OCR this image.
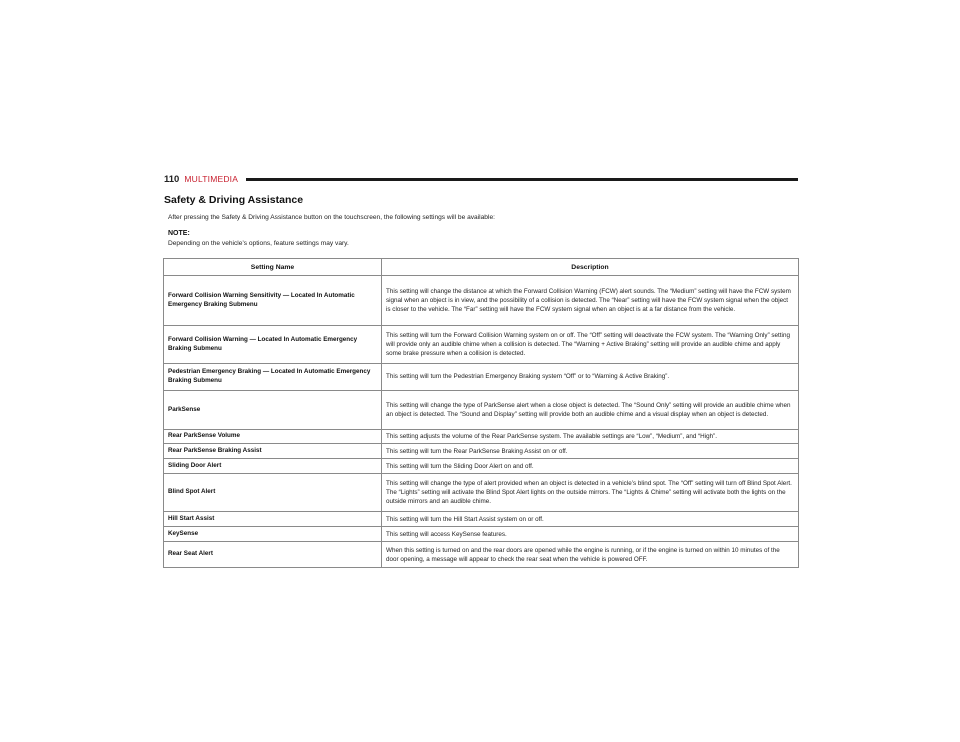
110 MULTIMEDIA
Safety & Driving Assistance

After pressing the Safety & Driving Assistance button on the touchscreen, the following settings will be available:

NOTE:

Depending on the vehicle’s options, feature settings may vary.

Setting Name	Description
Forward Collision Warning Sensitivity — Located In Automatic Emergency Braking Submenu	This setting will change the distance at which the Forward Collision Warning (FCW) alert sounds. The “Medium” setting will have the FCW system signal when an object is in view, and the possibility of a collision is detected. The “Near” setting will have the FCW system signal when the object is closer to the vehicle. The “Far” setting will have the FCW system signal when an object is at a far distance from the vehicle.
Forward Collision Warning — Located In Automatic Emergency Braking Submenu	This setting will turn the Forward Collision Warning system on or off. The “Off” setting will deactivate the FCW system. The “Warning Only” setting will provide only an audible chime when a collision is detected. The “Warning + Active Braking” setting will provide an audible chime and apply some brake pressure when a collision is detected.
Pedestrian Emergency Braking — Located In Automatic Emergency Braking Submenu	This setting will turn the Pedestrian Emergency Braking system “Off” or to “Warning & Active Braking”.
ParkSense	This setting will change the type of ParkSense alert when a close object is detected. The “Sound Only” setting will provide an audible chime when an object is detected. The “Sound and Display” setting will provide both an audible chime and a visual display when an object is detected.
Rear ParkSense Volume	This setting adjusts the volume of the Rear ParkSense system. The available settings are “Low”, “Medium”, and “High”.
Rear ParkSense Braking Assist	This setting will turn the Rear ParkSense Braking Assist on or off.
Sliding Door Alert	This setting will turn the Sliding Door Alert on and off.
Blind Spot Alert	This setting will change the type of alert provided when an object is detected in a vehicle’s blind spot. The “Off” setting will turn off Blind Spot Alert. The “Lights” setting will activate the Blind Spot Alert lights on the outside mirrors. The “Lights & Chime” setting will activate both the lights on the outside mirrors and an audible chime.
Hill Start Assist	This setting will turn the Hill Start Assist system on or off.
KeySense	This setting will access KeySense features.
Rear Seat Alert	When this setting is turned on and the rear doors are opened while the engine is running, or if the engine is turned on within 10 minutes of the door opening, a message will appear to check the rear seat when the vehicle is powered OFF.
